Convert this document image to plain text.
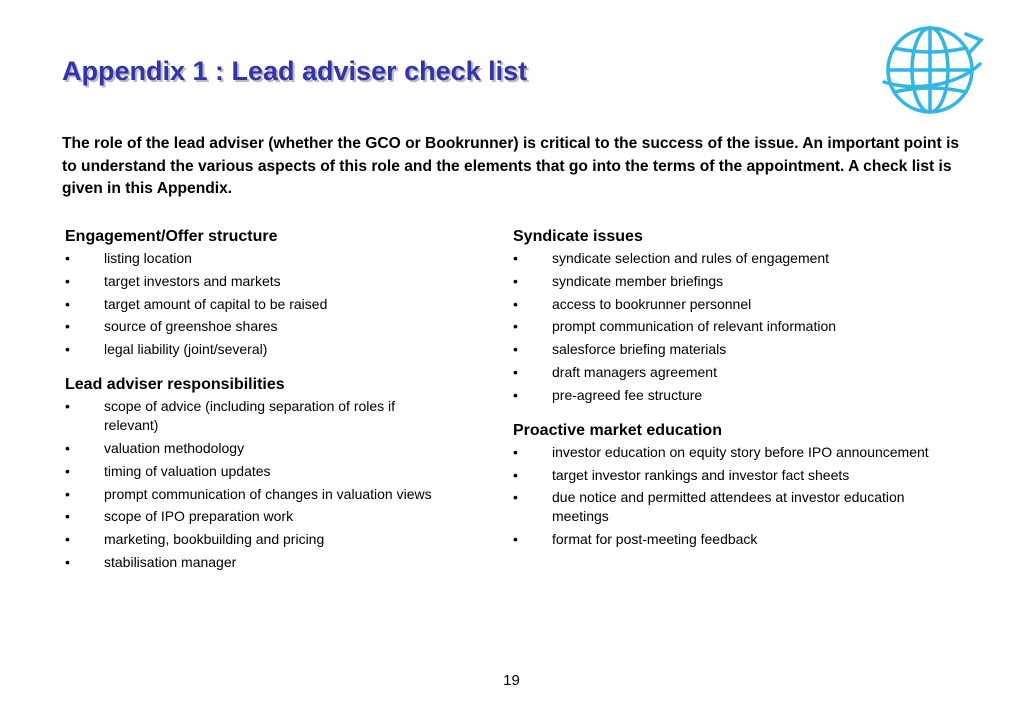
Appendix 1 : Lead adviser check list

The role of the lead adviser (whether the GCO or Bookrunner) is critical to the success of the issue. An important point is to understand the various aspects of this role and the elements that go into the terms of the appointment. A check list is given in this Appendix.

Engagement/Offer structure
•	listing location
•	target investors and markets
•	target amount of capital to be raised
•	source of greenshoe shares
•	legal liability (joint/several)
Lead adviser responsibilities
•	scope of advice (including separation of roles if relevant)
•	valuation methodology
•	timing of valuation updates
•	prompt communication of changes in valuation views
•	scope of IPO preparation work
•	marketing, bookbuilding and pricing
•	stabilisation manager
Syndicate issues
•	syndicate selection and rules of engagement
•	syndicate member briefings
•	access to bookrunner personnel
•	prompt communication of relevant information
•	salesforce briefing materials
•	draft managers agreement
•	pre-agreed fee structure
Proactive market education
•	investor education on equity story before IPO announcement
•	target investor rankings and investor fact sheets
•	due notice and permitted attendees at investor education meetings
•	format for post-meeting feedback
19
